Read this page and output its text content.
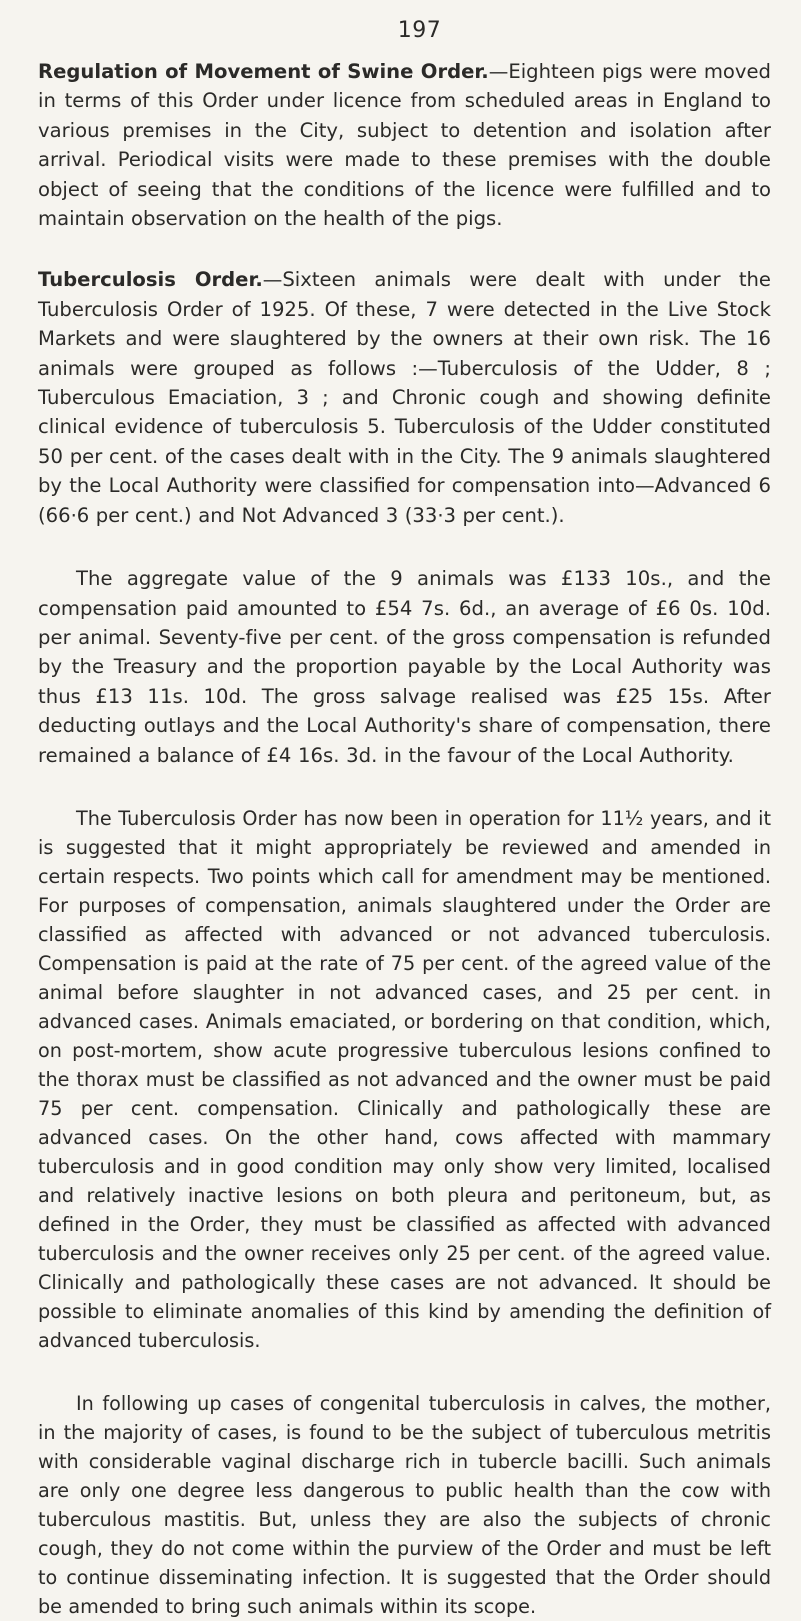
197

Regulation of Movement of Swine Order.—Eighteen pigs were moved in terms of this Order under licence from scheduled areas in England to various premises in the City, subject to detention and isolation after arrival. Periodical visits were made to these premises with the double object of seeing that the conditions of the licence were fulfilled and to maintain observation on the health of the pigs.

Tuberculosis Order.—Sixteen animals were dealt with under the Tuberculosis Order of 1925. Of these, 7 were detected in the Live Stock Markets and were slaughtered by the owners at their own risk. The 16 animals were grouped as follows :—Tuberculosis of the Udder, 8 ; Tuberculous Emaciation, 3 ; and Chronic cough and showing definite clinical evidence of tuberculosis 5. Tuberculosis of the Udder constituted 50 per cent. of the cases dealt with in the City. The 9 animals slaughtered by the Local Authority were classified for compensation into—Advanced 6 (66·6 per cent.) and Not Advanced 3 (33·3 per cent.).

The aggregate value of the 9 animals was £133 10s., and the compensation paid amounted to £54 7s. 6d., an average of £6 0s. 10d. per animal. Seventy-five per cent. of the gross compensation is refunded by the Treasury and the proportion payable by the Local Authority was thus £13 11s. 10d. The gross salvage realised was £25 15s. After deducting outlays and the Local Authority's share of compensation, there remained a balance of £4 16s. 3d. in the favour of the Local Authority.

The Tuberculosis Order has now been in operation for 11½ years, and it is suggested that it might appropriately be reviewed and amended in certain respects. Two points which call for amendment may be mentioned. For purposes of compensation, animals slaughtered under the Order are classified as affected with advanced or not advanced tuberculosis. Compensation is paid at the rate of 75 per cent. of the agreed value of the animal before slaughter in not advanced cases, and 25 per cent. in advanced cases. Animals emaciated, or bordering on that condition, which, on post-mortem, show acute progressive tuberculous lesions confined to the thorax must be classified as not advanced and the owner must be paid 75 per cent. compensation. Clinically and pathologically these are advanced cases. On the other hand, cows affected with mammary tuberculosis and in good condition may only show very limited, localised and relatively inactive lesions on both pleura and peritoneum, but, as defined in the Order, they must be classified as affected with advanced tuberculosis and the owner receives only 25 per cent. of the agreed value. Clinically and pathologically these cases are not advanced. It should be possible to eliminate anomalies of this kind by amending the definition of advanced tuberculosis.

In following up cases of congenital tuberculosis in calves, the mother, in the majority of cases, is found to be the subject of tuberculous metritis with considerable vaginal discharge rich in tubercle bacilli. Such animals are only one degree less dangerous to public health than the cow with tuberculous mastitis. But, unless they are also the subjects of chronic cough, they do not come within the purview of the Order and must be left to continue disseminating infection. It is suggested that the Order should be amended to bring such animals within its scope.
